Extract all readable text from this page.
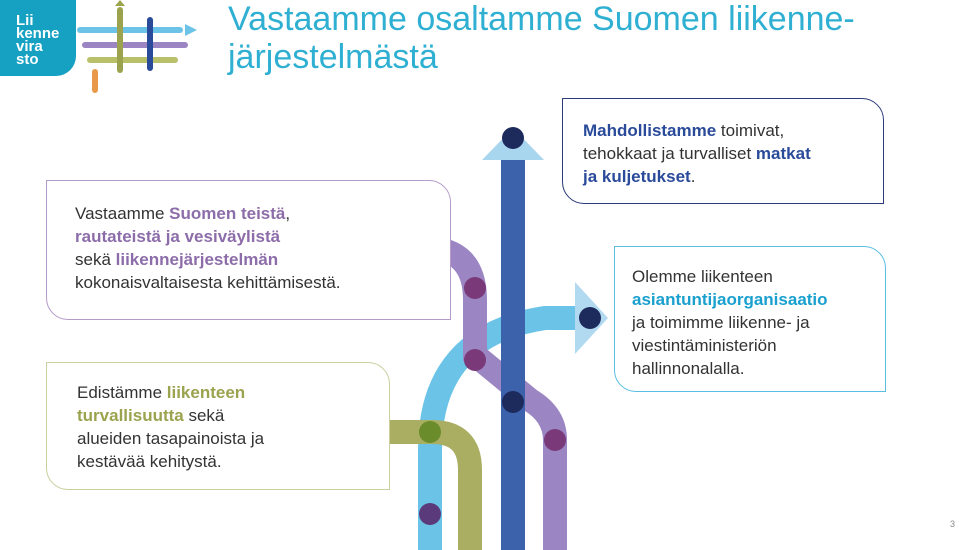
Lii
kenne
vira
sto
Vastaamme osaltamme Suomen liikenne-järjestelmästä
Vastaamme Suomen teistä,
rautateistä ja vesiväylistä
sekä liikennejärjestelmän
kokonaisvaltaisesta kehittämisestä.
Edistämme liikenteen
turvallisuutta sekä
alueiden tasapainoista ja
kestävää kehitystä.
Mahdollistamme toimivat,
tehokkaat ja turvalliset matkat
ja kuljetukset.
Olemme liikenteen
asiantuntijaorganisaatio
ja toimimme liikenne- ja
viestintäministeriön
hallinnonalalla.
3
